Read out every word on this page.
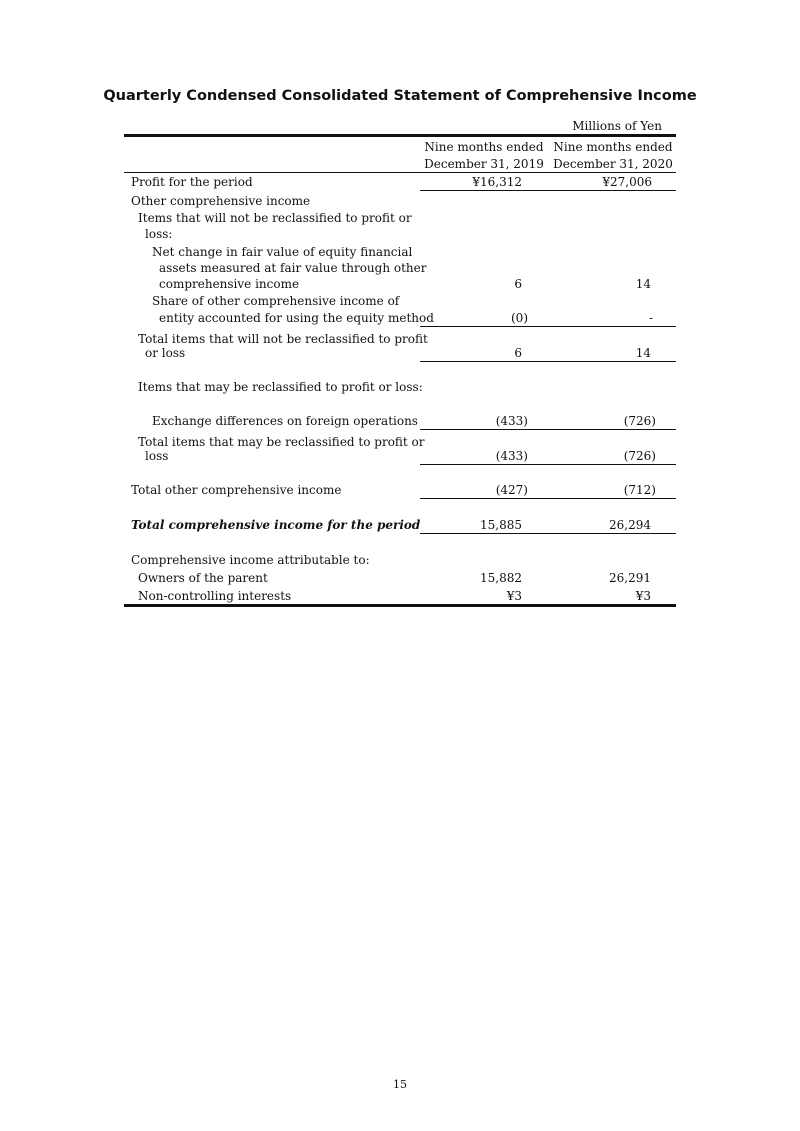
Quarterly Condensed Consolidated Statement of Comprehensive Income
Millions of Yen
Nine months ended
December 31, 2019
Nine months ended
December 31, 2020
Profit for the period	¥16,312	¥27,006
Other comprehensive income
Items that will not be reclassified to profit or
loss:
Net change in fair value of equity financial
assets measured at fair value through other
comprehensive income	6	14
Share of other comprehensive income of
entity accounted for using the equity method	(0)	-
Total items that will not be reclassified to profit
or loss	6	14
Items that may be reclassified to profit or loss:
Exchange differences on foreign operations	(433)	(726)
Total items that may be reclassified to profit or
loss	(433)	(726)
Total other comprehensive income	(427)	(712)
Total comprehensive income for the period	15,885	26,294
Comprehensive income attributable to:
Owners of the parent	15,882	26,291
Non-controlling interests	¥3	¥3
15
